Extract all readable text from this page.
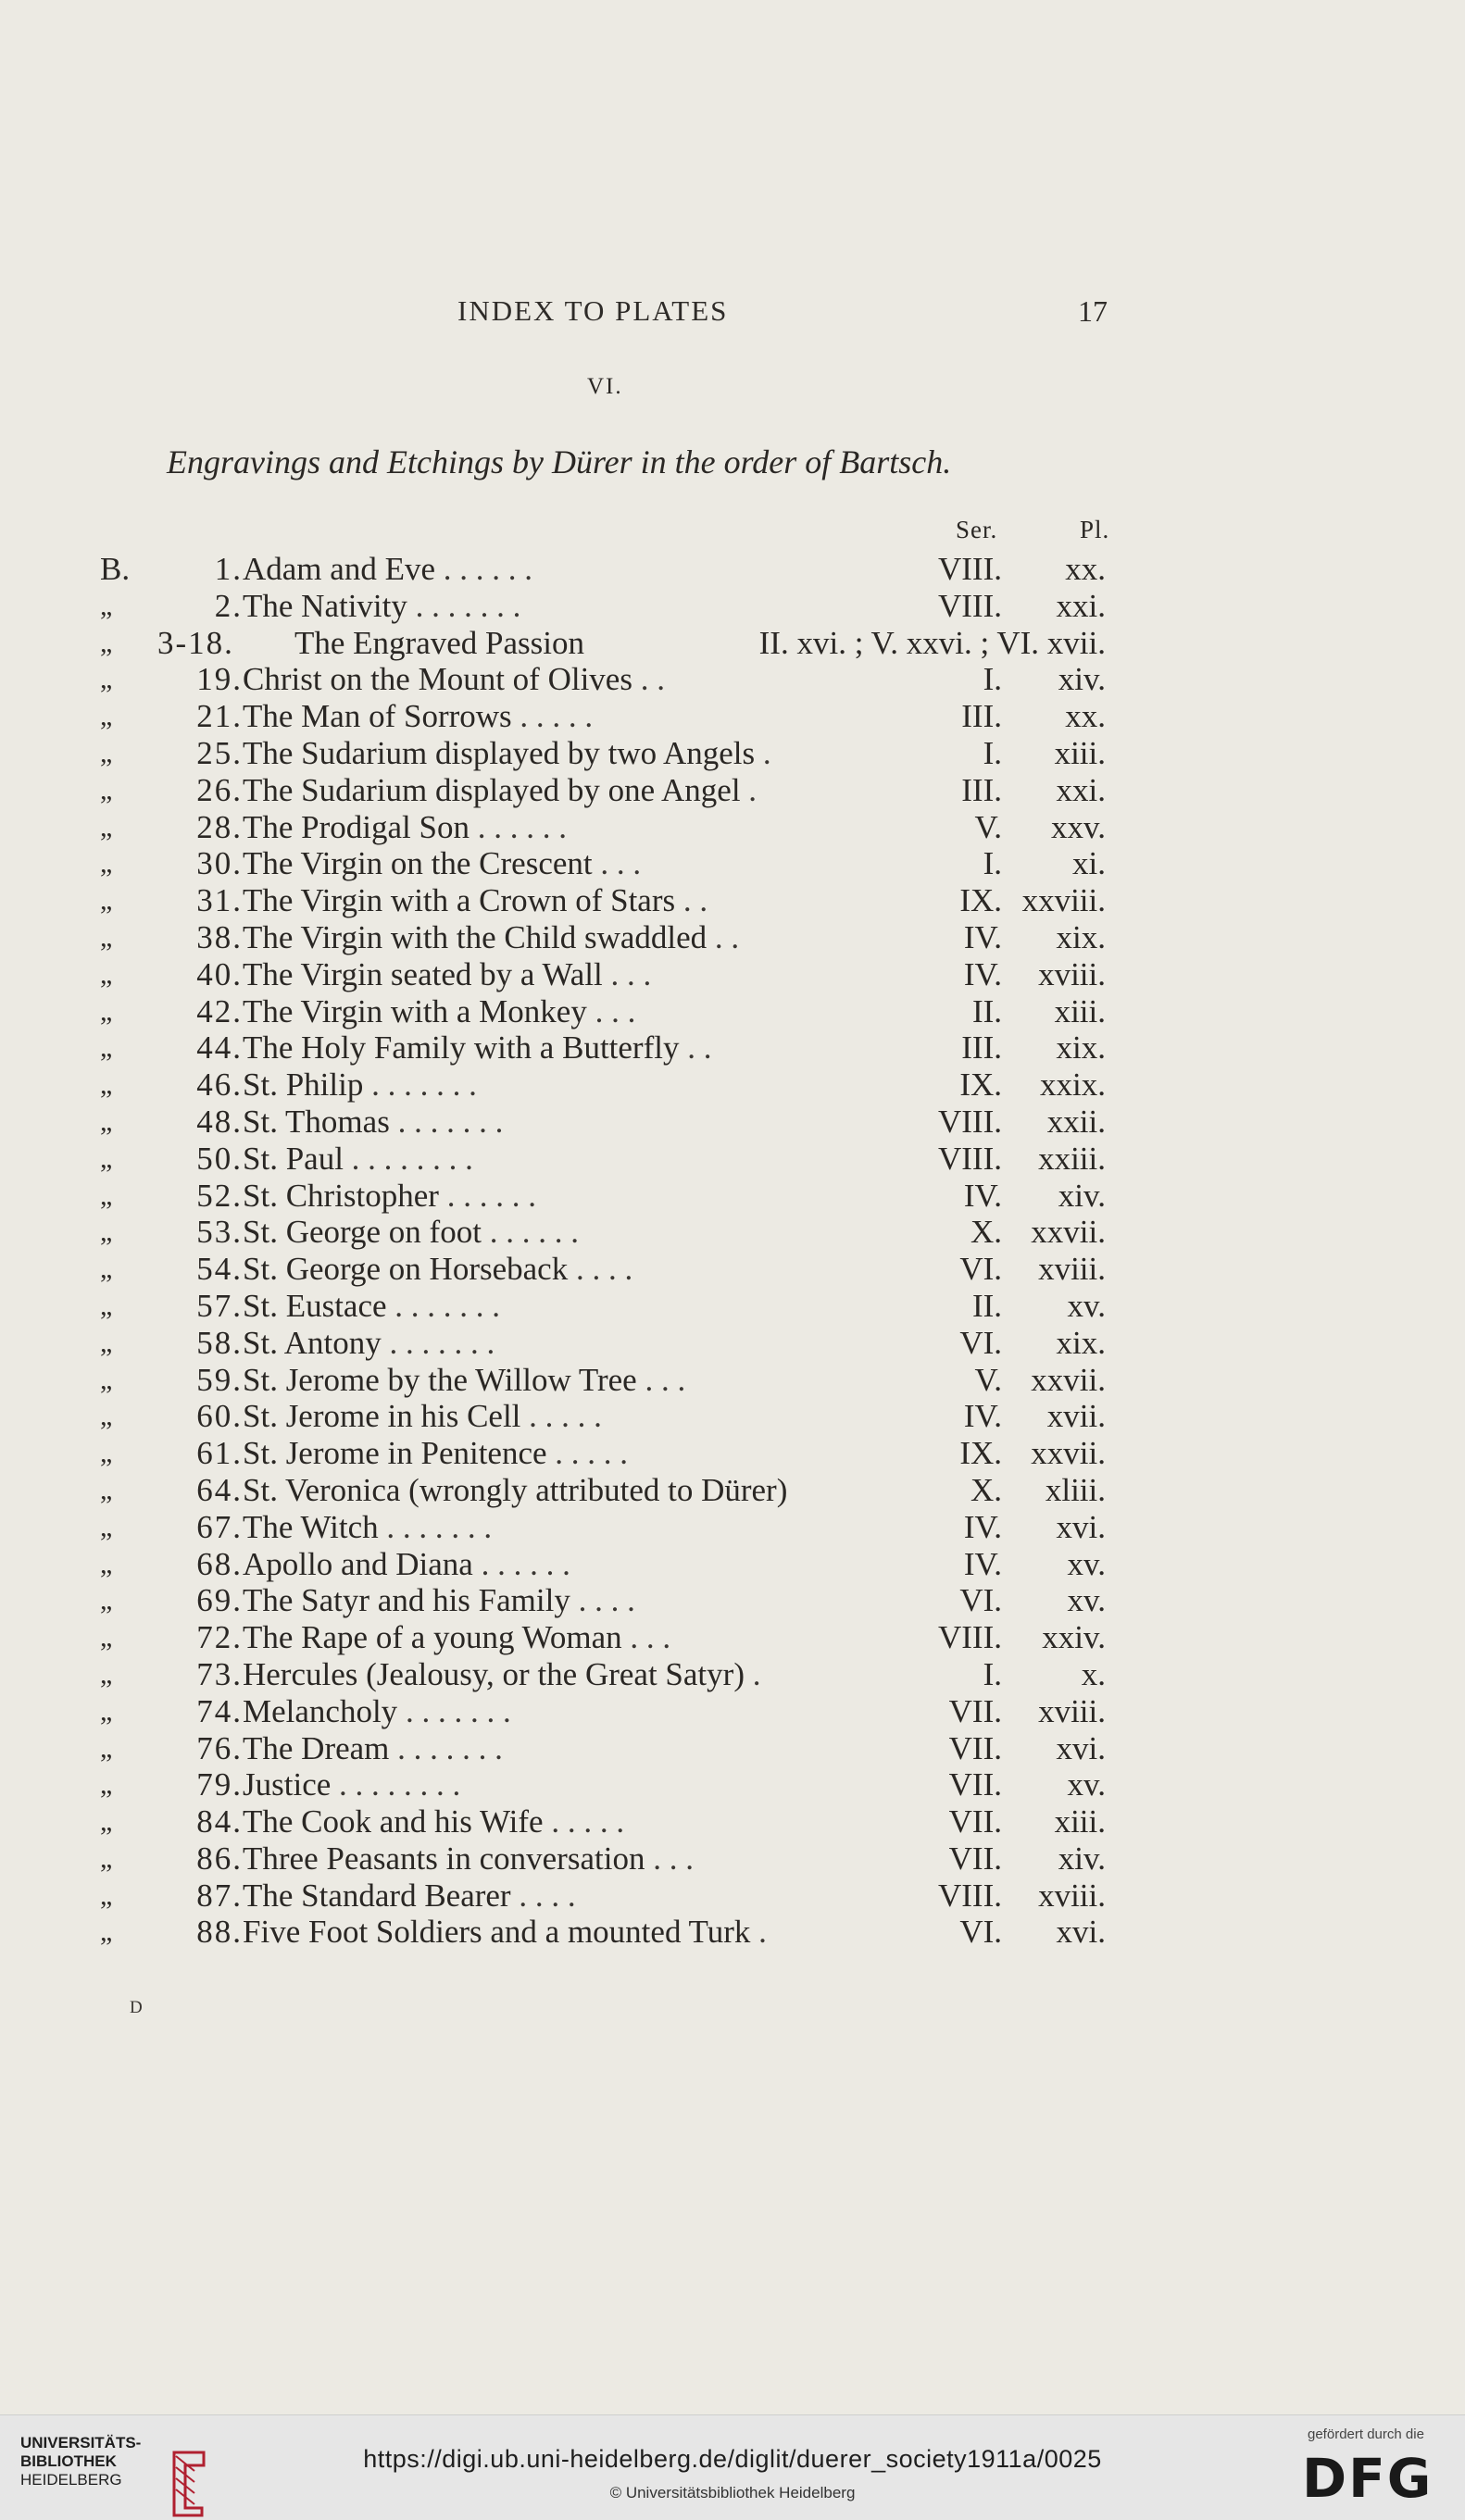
INDEX TO PLATES	17
VI.
Engravings and Etchings by Dürer in the order of Bartsch.
Ser.	Pl.
B.	1. Adam and Eve . . . . . .	VIII. xx.
„	2. The Nativity . . . . . . .	VIII. xxi.
„ 3-18. The Engraved Passion	II. xvi. ; V. xxvi. ; VI. xvii.
„	19. Christ on the Mount of Olives . .	I. xiv.
„	21. The Man of Sorrows . . . . .	III. xx.
„	25. The Sudarium displayed by two Angels .	I. xiii.
„	26. The Sudarium displayed by one Angel .	III. xxi.
„	28. The Prodigal Son . . . . . .	V. xxv.
„	30. The Virgin on the Crescent . . .	I. xi.
„	31. The Virgin with a Crown of Stars . .	IX. xxviii.
„	38. The Virgin with the Child swaddled . .	IV. xix.
„	40. The Virgin seated by a Wall . . .	IV. xviii.
„	42. The Virgin with a Monkey . . .	II. xiii.
„	44. The Holy Family with a Butterfly . .	III. xix.
„	46. St. Philip . . . . . . .	IX. xxix.
„	48. St. Thomas . . . . . . .	VIII. xxii.
„	50. St. Paul . . . . . . . .	VIII. xxiii.
„	52. St. Christopher . . . . . .	IV. xiv.
„	53. St. George on foot . . . . . .	X. xxvii.
„	54. St. George on Horseback . . . .	VI. xviii.
„	57. St. Eustace . . . . . . .	II. xv.
„	58. St. Antony . . . . . . .	VI. xix.
„	59. St. Jerome by the Willow Tree . . .	V. xxvii.
„	60. St. Jerome in his Cell . . . . .	IV. xvii.
„	61. St. Jerome in Penitence . . . . .	IX. xxvii.
„	64. St. Veronica (wrongly attributed to Dürer)	X. xliii.
„	67. The Witch . . . . . . .	IV. xvi.
„	68. Apollo and Diana . . . . . .	IV. xv.
„	69. The Satyr and his Family . . . .	VI. xv.
„	72. The Rape of a young Woman . . .	VIII. xxiv.
„	73. Hercules (Jealousy, or the Great Satyr) .	I. x.
„	74. Melancholy . . . . . . .	VII. xviii.
„	76. The Dream . . . . . . .	VII. xvi.
„	79. Justice . . . . . . . .	VII. xv.
„	84. The Cook and his Wife . . . . .	VII. xiii.
„	86. Three Peasants in conversation . . .	VII. xiv.
„	87. The Standard Bearer . . . .	VIII. xviii.
„	88. Five Foot Soldiers and a mounted Turk .	VI. xvi.
D
UNIVERSITÄTS-
BIBLIOTHEK
HEIDELBERG
https://digi.ub.uni-heidelberg.de/diglit/duerer_society1911a/0025
© Universitätsbibliothek Heidelberg
gefördert durch die
DFG
